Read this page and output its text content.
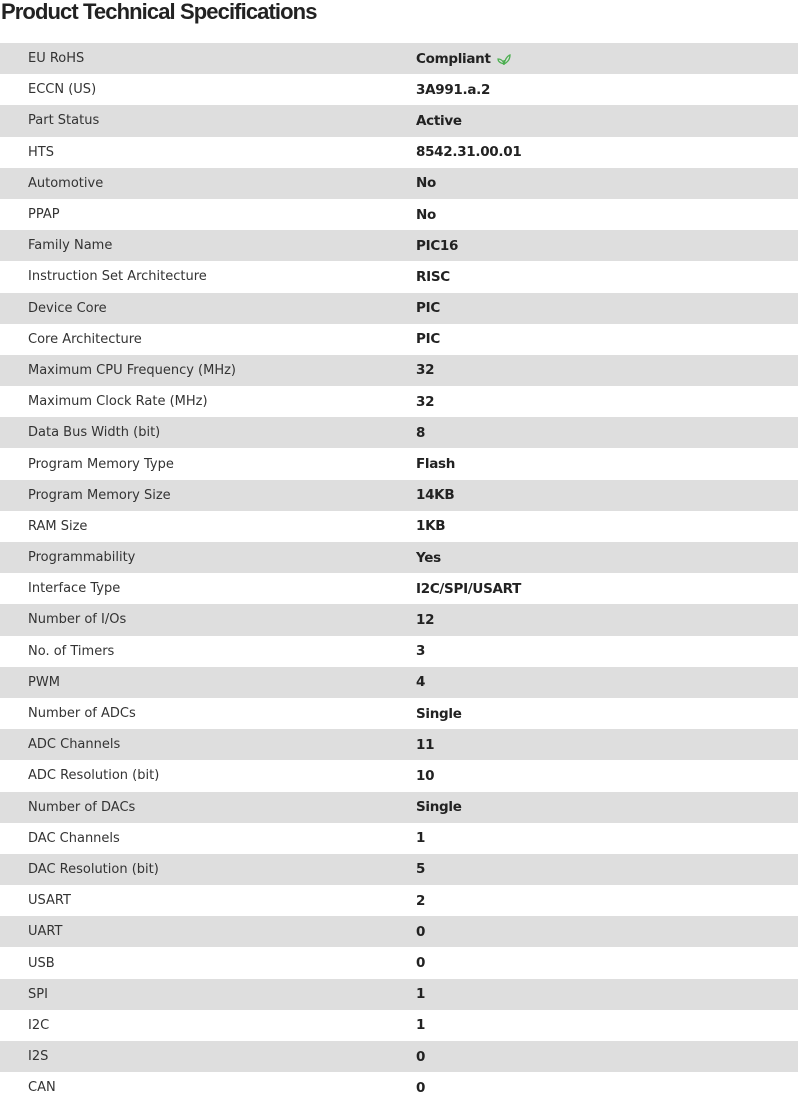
Product Technical Specifications
EU RoHS	Compliant
ECCN (US)	3A991.a.2
Part Status	Active
HTS	8542.31.00.01
Automotive	No
PPAP	No
Family Name	PIC16
Instruction Set Architecture	RISC
Device Core	PIC
Core Architecture	PIC
Maximum CPU Frequency (MHz)	32
Maximum Clock Rate (MHz)	32
Data Bus Width (bit)	8
Program Memory Type	Flash
Program Memory Size	14KB
RAM Size	1KB
Programmability	Yes
Interface Type	I2C/SPI/USART
Number of I/Os	12
No. of Timers	3
PWM	4
Number of ADCs	Single
ADC Channels	11
ADC Resolution (bit)	10
Number of DACs	Single
DAC Channels	1
DAC Resolution (bit)	5
USART	2
UART	0
USB	0
SPI	1
I2C	1
I2S	0
CAN	0
